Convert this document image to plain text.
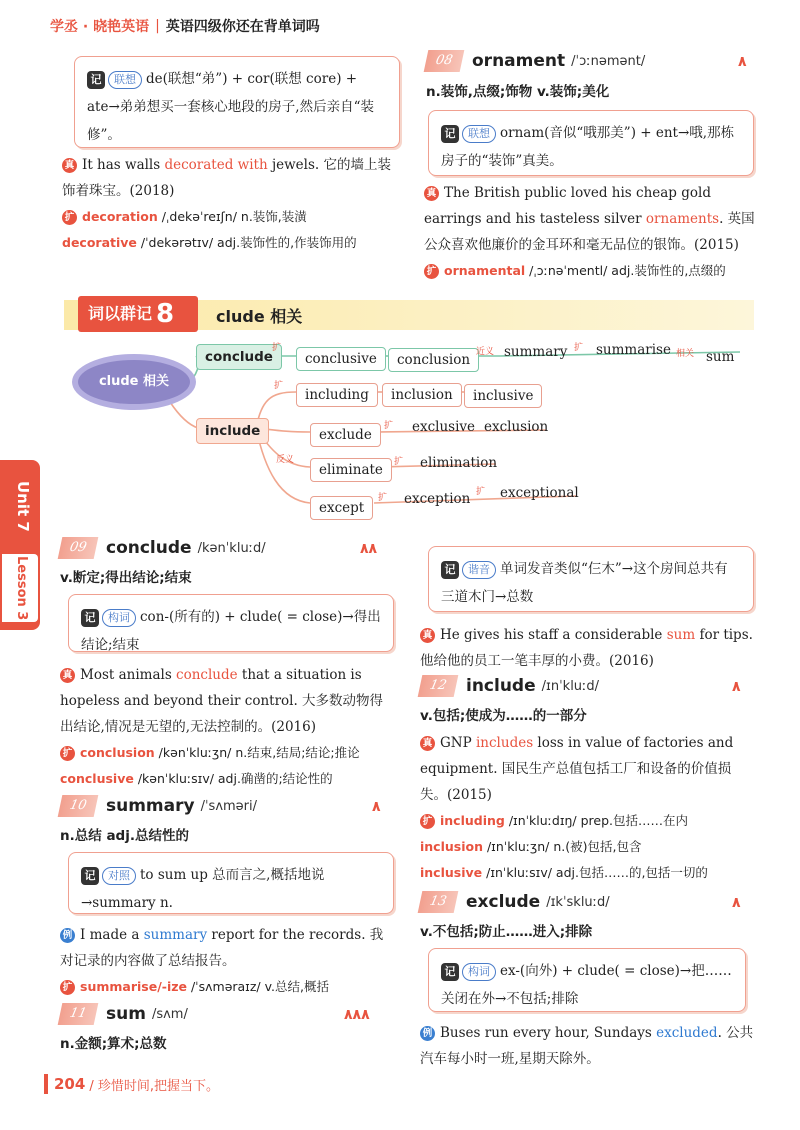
学丞 · 晓艳英语 | 英语四级你还在背单词吗
记	联想 de(联想“弟”) + cor(联想 core) + ate→弟弟想买一套核心地段的房子,然后亲自“装修”。
真 It has walls decorated with jewels. 它的墙上装饰着珠宝。(2018)
扩 decoration /ˌdekəˈreɪʃn/ n.装饰,装潢
decorative /ˈdekərətɪv/ adj.装饰性的,作装饰用的
08	ornament /ˈɔːnəmənt/	٨
n.装饰,点缀;饰物 v.装饰;美化
记	联想 ornam(音似“哦那美”) + ent→哦,那栋房子的“装饰”真美。
真 The British public loved his cheap gold earrings and his tasteless silver ornaments. 英国公众喜欢他廉价的金耳环和毫无品位的银饰。(2015)
扩 ornamental /ˌɔːnəˈmentl/ adj.装饰性的,点缀的
词以群记 8	clude 相关
clude 相关
conclude
include
扩
conclusive	conclusion 近义 summary 扩 summarise 相关 sum
扩
including	inclusion	inclusive
exclude
扩 exclusive exclusion
反义
eliminate	扩 elimination
except
扩 exception 扩 exceptional
Unit 7
Lesson 3
09	conclude /kənˈkluːd/	٨٨
v.断定;得出结论;结束
记	构词 con-(所有的) + clude( = close)→得出结论;结束
真 Most animals conclude that a situation is hopeless and beyond their control. 大多数动物得出结论,情况是无望的,无法控制的。(2016)
扩 conclusion /kənˈkluːʒn/ n.结束,结局;结论;推论
conclusive /kənˈkluːsɪv/ adj.确凿的;结论性的
10	summary /ˈsʌməri/	٨
n.总结 adj.总结性的
记	对照 to sum up 总而言之,概括地说→summary n.
例 I made a summary report for the records. 我对记录的内容做了总结报告。
扩 summarise/-ize /ˈsʌməraɪz/ v.总结,概括
11	sum /sʌm/	٨٨٨
n.金额;算术;总数
记	谐音 单词发音类似“仨木”→这个房间总共有三道木门→总数
真 He gives his staff a considerable sum for tips. 他给他的员工一笔丰厚的小费。(2016)
12	include /ɪnˈkluːd/	٨
v.包括;使成为……的一部分
真 GNP includes loss in value of factories and equipment. 国民生产总值包括工厂和设备的价值损失。(2015)
扩 including /ɪnˈkluːdɪŋ/ prep.包括……在内
inclusion /ɪnˈkluːʒn/ n.(被)包括,包含
inclusive /ɪnˈkluːsɪv/ adj.包括……的,包括一切的
13	exclude /ɪkˈskluːd/	٨
v.不包括;防止……进入;排除
记	构词 ex-(向外) + clude( = close)→把……关闭在外→不包括;排除
例 Buses run every hour, Sundays excluded. 公共汽车每小时一班,星期天除外。
204 / 珍惜时间,把握当下。
